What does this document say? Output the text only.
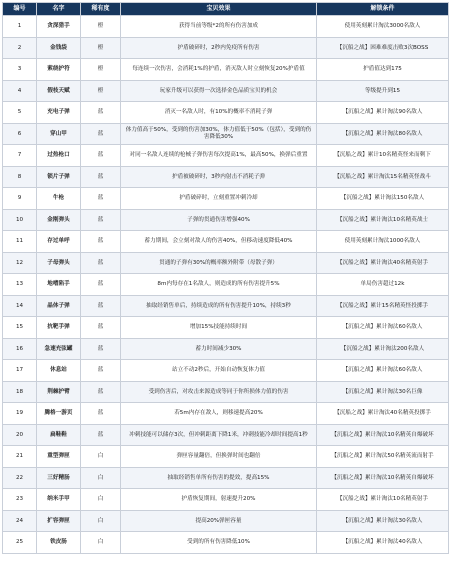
编号	名字	稀有度	宝贝效果	解锁条件
1	贪深猎手	橙	获得当前等级*2的所有伤害加成	使用英刻累计淘汰3000名敌人
2	金钱袋	橙	护盾破碎时，2秒内免疫所有伤害	【沉船之战】困难难度击败3次BOSS
3	萦绕护符	橙	每连续一次伤害，会消耗1%的护盾，消灭敌人时立刻恢复20%护盾值	护盾值达到175
4	假枝天赋	橙	玩家升级可以获得一次选择金色品质宝贝的机会	等级提升到15
5	充电子弹	蓝	消灭一名敌人时，有10%的概率不消耗子弹	【沉船之战】累计淘汰90名敌人
6	穿山甲	蓝	体力值高于50%，受到的伤害加30%，体力值低于50%（包括），受到的伤害降低30%	【沉船之战】累计淘汰80名敌人
7	过热枪口	蓝	对同一名敌人连续的枪械子弹伤害每次提高1%，最高50%，换弹后重置	【沉船之战】累计10名精英怪来而剩下
8	锁片子弹	蓝	护盾被破碎时，3秒内射击不消耗子弹	【沉船之战】累计淘汰15名精英怪战斗
9	牛枪	蓝	护盾破碎时，立刻重置冲刺冷却	【沉船之战】累计淘汰150名敌人
10	金刚弹头	蓝	子弹的贯通伤害增强40%	【沉船之战】累计淘汰10名精英战士
11	存过单呼	蓝	蓄力期间，会立刻对敌人的伤害40%，但移动速度降低40%	使用英刻累计淘汰1000名敌人
12	子母弹头	蓝	贯通的子弹有30%的概率额外附带（母散子弹）	【沉船之战】累计淘汰40名精英射手
13	地嗜陷手	蓝	8m内每存在1名敌人，则造成的所有伤害提升5%	单局伤害超过12k
14	晶体子弹	蓝	抽取经销售单后，持续造成的所有伤害提升10%，持续3秒	【沉船之战】累计15名精英怪投掷手
15	抗靶手弹	蓝	增加15%技能持续时间	【沉船之战】累计淘汰60名敌人
16	急速充弦罐	蓝	蓄力时间减少30%	【沉船之战】累计淘汰200名敌人
17	休息站	蓝	站立不动2秒后，开始自动恢复体力值	【沉船之战】累计淘汰60名敌人
18	荆棘护臂	蓝	受到伤害后，对攻击来源造成等同于你所损体力值的伤害	【沉船之战】累计淘汰30名巨像
19	腾格一游页	蓝	若5m内存在敌人，则移速提高20%	【沉船之战】累计淘汰40名精英投掷手
20	扁鞋鞋	蓝	冲刺技能可以储存3次，但冲刺距离下降1米，冲刺技能冷却时间提高1秒	【沉船之战】累计淘汰10名精英自爆破坏
21	重型弹匣	白	弹匣容量翻倍，但换弹时间也翻倍	【沉船之战】累计淘汰50名精英流而射手
22	三好精肠	白	抽取经销售单所有伤害的提效，提高15%	【沉船之战】累计淘汰10名精英自爆破坏
23	纳米手甲	白	护盾恢复期间，射速提升20%	【沉船之战】累计淘汰10名精英射手
24	扩容弹匣	白	提高20%弹匣容量	【沉船之战】累计淘汰30名敌人
25	铁皮肠	白	受到的所有伤害降低10%	【沉船之战】累计淘汰40名敌人
